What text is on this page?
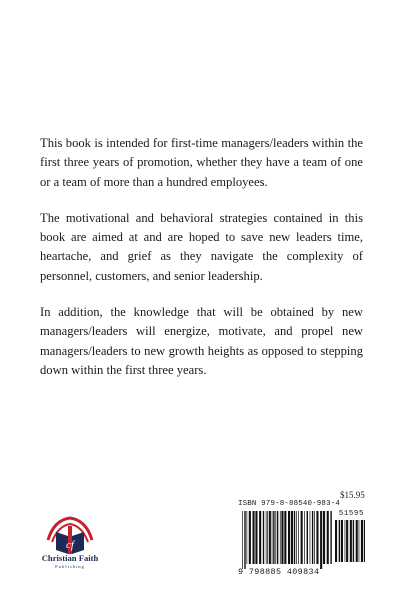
This book is intended for first-time managers/leaders within the first three years of promotion, whether they have a team of one or a team of more than a hundred employees.

The motivational and behavioral strategies contained in this book are aimed at and are hoped to save new leaders time, heartache, and grief as they navigate the complexity of personnel, customers, and senior leadership.

In addition, the knowledge that will be obtained by new managers/leaders will energize, motivate, and propel new managers/leaders to new growth heights as opposed to stepping down within the first three years.

$15.95
ISBN 979-8-88540-983-4
51595
9 798885 409834
cf
Christian Faith
Publishing
